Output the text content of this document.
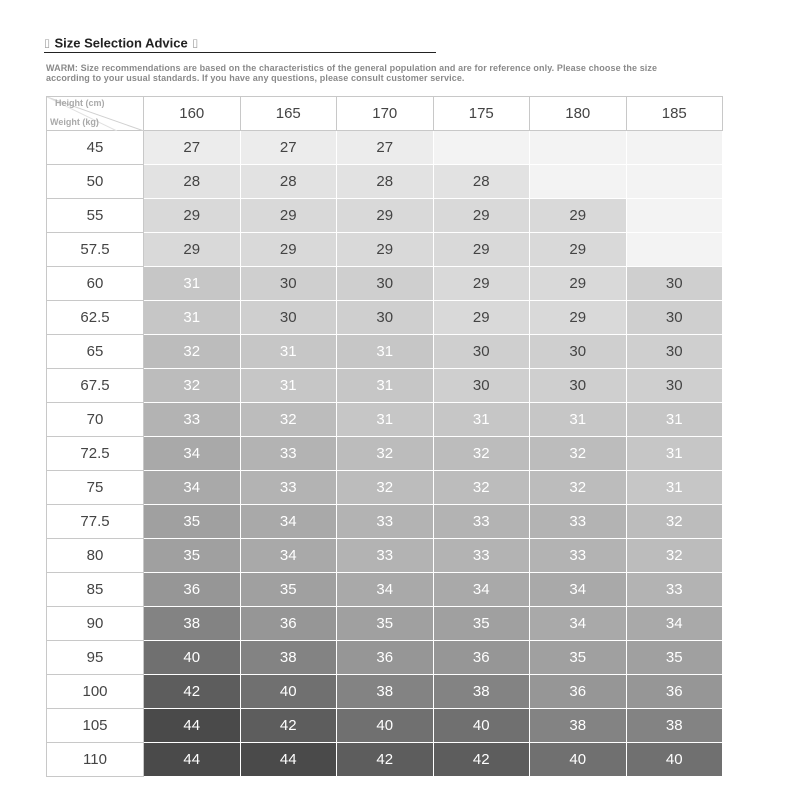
▯ Size Selection Advice ▯
WARM: Size recommendations are based on the characteristics of the general population and are for reference only. Please choose the size according to your usual standards. If you have any questions, please consult customer service.
Height (cm)
Weight (kg)	160	165	170	175	180	185
45	27	27	27			
50	28	28	28	28		
55	29	29	29	29	29	
57.5	29	29	29	29	29	
60	31	30	30	29	29	30
62.5	31	30	30	29	29	30
65	32	31	31	30	30	30
67.5	32	31	31	30	30	30
70	33	32	31	31	31	31
72.5	34	33	32	32	32	31
75	34	33	32	32	32	31
77.5	35	34	33	33	33	32
80	35	34	33	33	33	32
85	36	35	34	34	34	33
90	38	36	35	35	34	34
95	40	38	36	36	35	35
100	42	40	38	38	36	36
105	44	42	40	40	38	38
110	44	44	42	42	40	40
